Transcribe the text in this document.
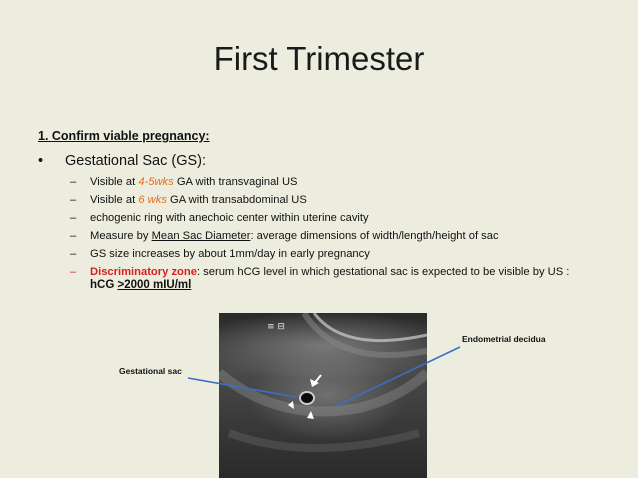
First Trimester
1. Confirm viable pregnancy:
• Gestational Sac (GS):
– Visible at 4-5wks GA with transvaginal US
– Visible at 6 wks GA with transabdominal US
– echogenic ring with anechoic center within uterine cavity
– Measure by Mean Sac Diameter: average dimensions of width/length/height of sac
– GS size increases by about 1mm/day in early pregnancy
– Discriminatory zone: serum hCG level in which gestational sac is expected to be visible by US :
hCG >2000 mIU/ml
≡ ⊟
Gestational sac
Endometrial decidua
